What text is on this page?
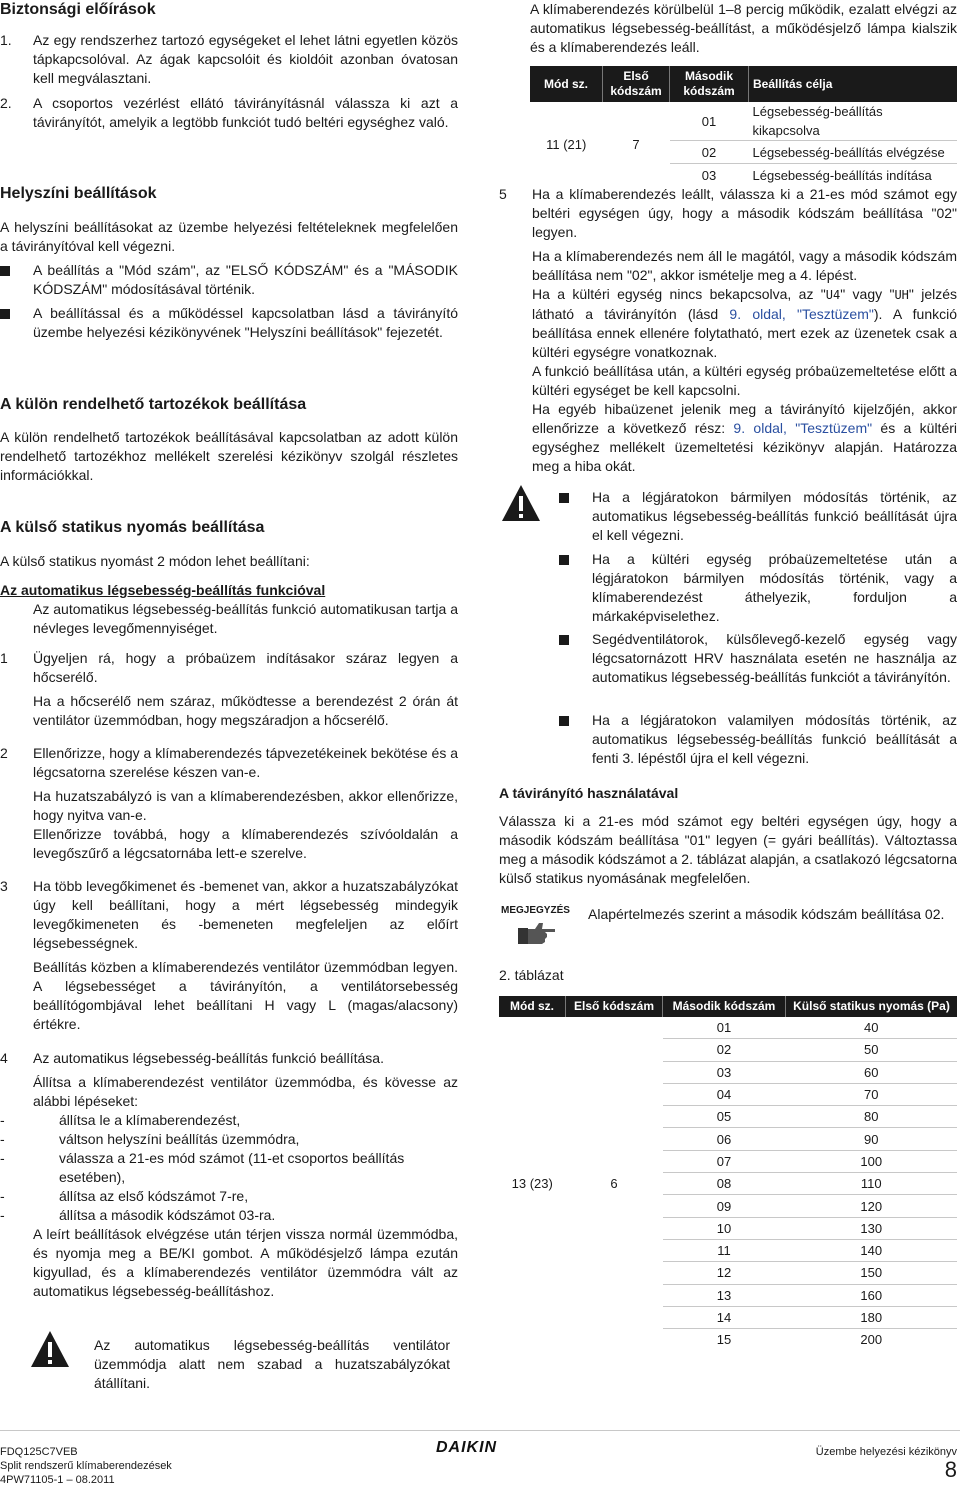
Biztonsági előírások
1.	Az egy rendszerhez tartozó egységeket el lehet látni egyetlen közös tápkapcsolóval. Az ágak kapcsolóit és kioldóit azonban óvatosan kell megválasztani.

2.	A csoportos vezérlést ellátó távirányításnál válassza ki azt a távirányítót, amelyik a legtöbb funkciót tudó beltéri egységhez való.

Helyszíni beállítások

A helyszíni beállításokat az üzembe helyezési feltételeknek megfelelően a távirányítóval kell végezni.

A beállítás a "Mód szám", az "ELSŐ KÓDSZÁM" és a "MÁSODIK KÓDSZÁM" módosításával történik.

A beállítással és a működéssel kapcsolatban lásd a távirányító üzembe helyezési kézikönyvének "Helyszíni beállítások" fejezetét.

A külön rendelhető tartozékok beállítása

A külön rendelhető tartozékok beállításával kapcsolatban az adott külön rendelhető tartozékhoz mellékelt szerelési kézikönyv szolgál részletes információkkal.

A külső statikus nyomás beállítása

A külső statikus nyomást 2 módon lehet beállítani:

Az automatikus légsebesség-beállítás funkcióval

Az automatikus légsebesség-beállítás funkció automatikusan tartja a névleges levegőmennyiséget.

1	Ügyeljen rá, hogy a próbaüzem indításakor száraz legyen a hőcserélő.

Ha a hőcserélő nem száraz, működtesse a berendezést 2 órán át ventilátor üzemmódban, hogy megszáradjon a hőcserélő.

2	Ellenőrizze, hogy a klímaberendezés tápvezetékeinek bekötése és a légcsatorna szerelése készen van-e.

Ha huzatszabályzó is van a klímaberendezésben, akkor ellenőrizze, hogy nyitva van-e.

Ellenőrizze továbbá, hogy a klímaberendezés szívóoldalán a levegőszűrő a légcsatornába lett-e szerelve.

3	Ha több levegőkimenet és -bemenet van, akkor a huzatszabályzókat úgy kell beállítani, hogy a mért légsebesség mindegyik levegőkimeneten és -bemeneten megfeleljen az előírt légsebességnek.

Beállítás közben a klímaberendezés ventilátor üzemmódban legyen. A légsebességet a távirányítón, a ventilátorsebesség beállítógombjával lehet beállítani H vagy L (magas/alacsony) értékre.

4	Az automatikus légsebesség-beállítás funkció beállítása.

Állítsa a klímaberendezést ventilátor üzemmódba, és kövesse az alábbi lépéseket:

-	állítsa le a klímaberendezést,

-	váltson helyszíni beállítás üzemmódra,

-	válassza a 21-es mód számot (11-et csoportos beállítás esetében),

-	állítsa az első kódszámot 7-re,

-	állítsa a második kódszámot 03-ra.

A leírt beállítások elvégzése után térjen vissza normál üzemmódba, és nyomja meg a BE/KI gombot. A működésjelző lámpa ezután kigyullad, és a klímaberendezés ventilátor üzemmódra vált az automatikus légsebesség-beállításhoz.

Az automatikus légsebesség-beállítás ventilátor üzemmódja alatt nem szabad a huzatszabályzókat átállítani.

A klímaberendezés körülbelül 1–8 percig működik, ezalatt elvégzi az automatikus légsebesség-beállítást, a működésjelző lámpa kialszik és a klímaberendezés leáll.

Mód sz.	Első kódszám	Második kódszám	Beállítás célja
11 (21)	7	01	Légsebesség-beállítás kikapcsolva
		02	Légsebesség-beállítás elvégzése
		03	Légsebesség-beállítás indítása
5	Ha a klímaberendezés leállt, válassza ki a 21-es mód számot egy beltéri egységen úgy, hogy a második kódszám beállítása "02" legyen.

Ha a klímaberendezés nem áll le magától, vagy a második kódszám beállítása nem "02", akkor ismételje meg a 4. lépést.

Ha a kültéri egység nincs bekapcsolva, az "U4" vagy "UH" jelzés látható a távirányítón (lásd 9. oldal, "Tesztüzem"). A funkció beállítása ennek ellenére folytatható, mert ezek az üzenetek csak a kültéri egységre vonatkoznak.

A funkció beállítása után, a kültéri egység próbaüzemeltetése előtt a kültéri egységet be kell kapcsolni.

Ha egyéb hibaüzenet jelenik meg a távirányító kijelzőjén, akkor ellenőrizze a következő rész: 9. oldal, "Tesztüzem" és a kültéri egységhez mellékelt üzemeltetési kézikönyv alapján. Határozza meg a hiba okát.

Ha a légjáratokon bármilyen módosítás történik, az automatikus légsebesség-beállítás funkció beállítását újra el kell végezni.

Ha a kültéri egység próbaüzemeltetése után a légjáratokon bármilyen módosítás történik, vagy a klímaberendezést áthelyezik, forduljon a márkaképviselethez.

Segédventilátorok, külsőlevegő-kezelő egység vagy légcsatornázott HRV használata esetén ne használja az automatikus légsebesség-beállítás funkciót a távirányítón.

Ha a légjáratokon valamilyen módosítás történik, az automatikus légsebesség-beállítás funkció beállítását a fenti 3. lépéstől újra el kell végezni.

A távirányító használatával

Válassza ki a 21-es mód számot egy beltéri egységen úgy, hogy a második kódszám beállítása "01" legyen (= gyári beállítás). Változtassa meg a második kódszámot a 2. táblázat alapján, a csatlakozó légcsatorna külső statikus nyomásának megfelelően.

MEGJEGYZÉS Alapértelmezés szerint a második kódszám beállítása 02.

2. táblázat

Mód sz.	Első kódszám	Második kódszám	Külső statikus nyomás (Pa)
13 (23)	6	01	40
		02	50
		03	60
		04	70
		05	80
		06	90
		07	100
		08	110
		09	120
		10	130
		11	140
		12	150
		13	160
		14	180
		15	200
FDQ125C7VEB
Split rendszerű klímaberendezések
4PW71105-1 – 08.2011
DAIKIN	Üzembe helyezési kézikönyv
8
